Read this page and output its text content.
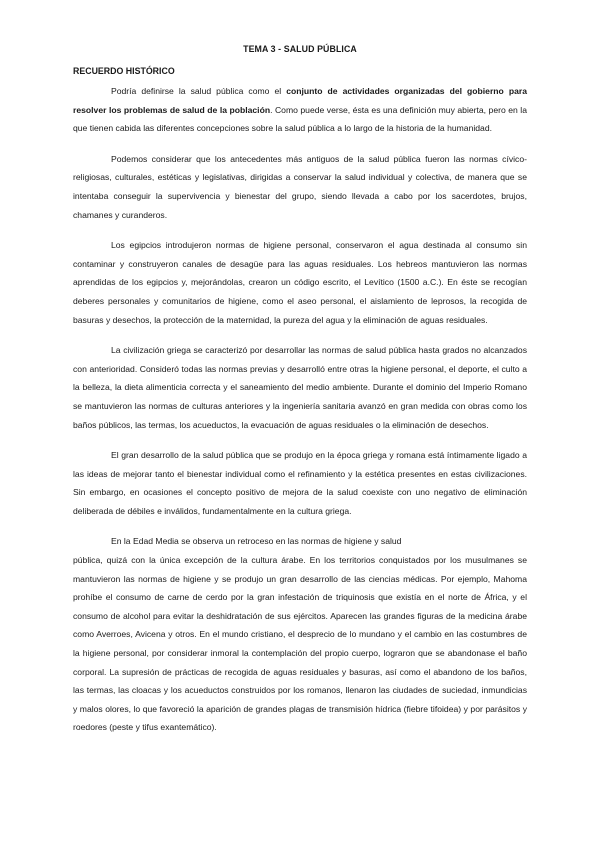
TEMA 3 - SALUD PÚBLICA
RECUERDO HISTÓRICO

Podría definirse la salud pública como el conjunto de actividades organizadas del gobierno para resolver los problemas de salud de la población. Como puede verse, ésta es una definición muy abierta, pero en la que tienen cabida las diferentes concepciones sobre la salud pública a lo largo de la historia de la humanidad.

Podemos considerar que los antecedentes más antiguos de la salud pública fueron las normas cívico-religiosas, culturales, estéticas y legislativas, dirigidas a conservar la salud individual y colectiva, de manera que se intentaba conseguir la supervivencia y bienestar del grupo, siendo llevada a cabo por los sacerdotes, brujos, chamanes y curanderos.

Los egipcios introdujeron normas de higiene personal, conservaron el agua destinada al consumo sin contaminar y construyeron canales de desagüe para las aguas residuales. Los hebreos mantuvieron las normas aprendidas de los egipcios y, mejorándolas, crearon un código escrito, el Levítico (1500 a.C.). En éste se recogían deberes personales y comunitarios de higiene, como el aseo personal, el aislamiento de leprosos, la recogida de basuras y desechos, la protección de la maternidad, la pureza del agua y la eliminación de aguas residuales.

La civilización griega se caracterizó por desarrollar las normas de salud pública hasta grados no alcanzados con anterioridad. Consideró todas las normas previas y desarrolló entre otras la higiene personal, el deporte, el culto a la belleza, la dieta alimenticia correcta y el saneamiento del medio ambiente. Durante el dominio del Imperio Romano se mantuvieron las normas de culturas anteriores y la ingeniería sanitaria avanzó en gran medida con obras como los baños públicos, las termas, los acueductos, la evacuación de aguas residuales o la eliminación de desechos.

El gran desarrollo de la salud pública que se produjo en la época griega y romana está íntimamente ligado a las ideas de mejorar tanto el bienestar individual como el refinamiento y la estética presentes en estas civilizaciones. Sin embargo, en ocasiones el concepto positivo de mejora de la salud coexiste con uno negativo de eliminación deliberada de débiles e inválidos, fundamentalmente en la cultura griega.

En la Edad Media se observa un retroceso en las normas de higiene y salud

pública, quizá con la única excepción de la cultura árabe. En los territorios conquistados por los musulmanes se mantuvieron las normas de higiene y se produjo un gran desarrollo de las ciencias médicas. Por ejemplo, Mahoma prohíbe el consumo de carne de cerdo por la gran infestación de triquinosis que existía en el norte de África, y el consumo de alcohol para evitar la deshidratación de sus ejércitos. Aparecen las grandes figuras de la medicina árabe como Averroes, Avicena y otros. En el mundo cristiano, el desprecio de lo mundano y el cambio en las costumbres de la higiene personal, por considerar inmoral la contemplación del propio cuerpo, lograron que se abandonase el baño corporal. La supresión de prácticas de recogida de aguas residuales y basuras, así como el abandono de los baños, las termas, las cloacas y los acueductos construidos por los romanos, llenaron las ciudades de suciedad, inmundicias y malos olores, lo que favoreció la aparición de grandes plagas de transmisión hídrica (fiebre tifoidea) y por parásitos y roedores (peste y tifus exantemático).
